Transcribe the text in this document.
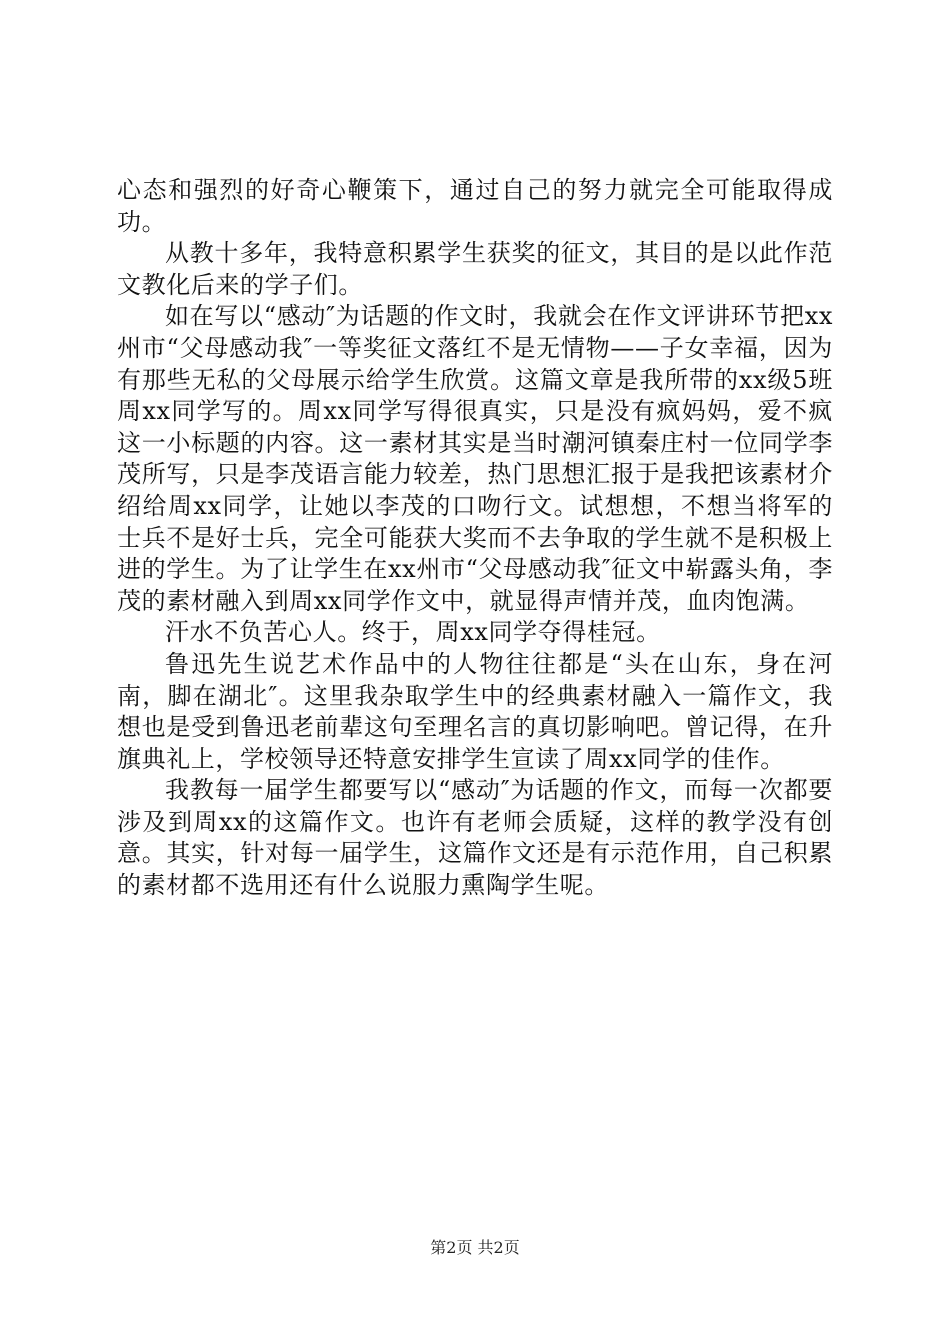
心态和强烈的好奇心鞭策下，通过自己的努力就完全可能取得成功。

从教十多年，我特意积累学生获奖的征文，其目的是以此作范文教化后来的学子们。

如在写以“感动″为话题的作文时，我就会在作文评讲环节把xx州市“父母感动我″一等奖征文落红不是无情物——子女幸福，因为有那些无私的父母展示给学生欣赏。这篇文章是我所带的xx级5班周xx同学写的。周xx同学写得很真实，只是没有疯妈妈，爱不疯这一小标题的内容。这一素材其实是当时潮河镇秦庄村一位同学李茂所写，只是李茂语言能力较差，热门思想汇报于是我把该素材介绍给周xx同学，让她以李茂的口吻行文。试想想，不想当将军的士兵不是好士兵，完全可能获大奖而不去争取的学生就不是积极上进的学生。为了让学生在xx州市“父母感动我″征文中崭露头角，李茂的素材融入到周xx同学作文中，就显得声情并茂，血肉饱满。

汗水不负苦心人。终于，周xx同学夺得桂冠。

鲁迅先生说艺术作品中的人物往往都是“头在山东，身在河南，脚在湖北″。这里我杂取学生中的经典素材融入一篇作文，我想也是受到鲁迅老前辈这句至理名言的真切影响吧。曾记得，在升旗典礼上，学校领导还特意安排学生宣读了周xx同学的佳作。

我教每一届学生都要写以“感动″为话题的作文，而每一次都要涉及到周xx的这篇作文。也许有老师会质疑，这样的教学没有创意。其实，针对每一届学生，这篇作文还是有示范作用，自己积累的素材都不选用还有什么说服力熏陶学生呢。

第2页 共2页
